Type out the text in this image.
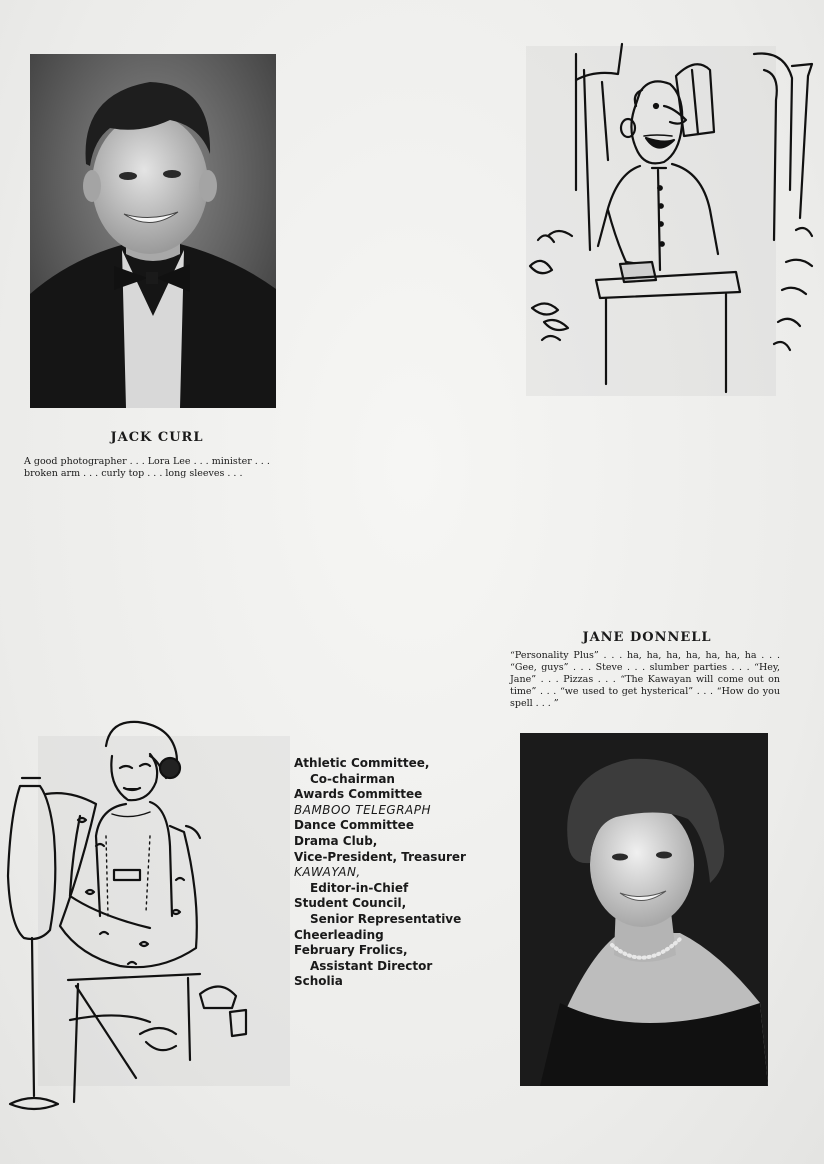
JACK CURL
A good photographer . . . Lora Lee . . . minister . . .
broken arm . . . curly top . . . long sleeves . . .
JANE DONNELL
“Personality Plus” . . . ha, ha, ha, ha, ha, ha, ha . . . “Gee, guys” . . . Steve . . . slumber parties . . . “Hey, Jane” . . . Pizzas . . . “The Kawayan will come out on time” . . . “we used to get hysterical” . . . “How do you spell . . . ”
Athletic Committee,
Co-chairman
Awards Committee
BAMBOO TELEGRAPH
Dance Committee
Drama Club,
Vice-President, Treasurer
KAWAYAN,
Editor-in-Chief
Student Council,
Senior Representative
Cheerleading
February Frolics,
Assistant Director
Scholia
